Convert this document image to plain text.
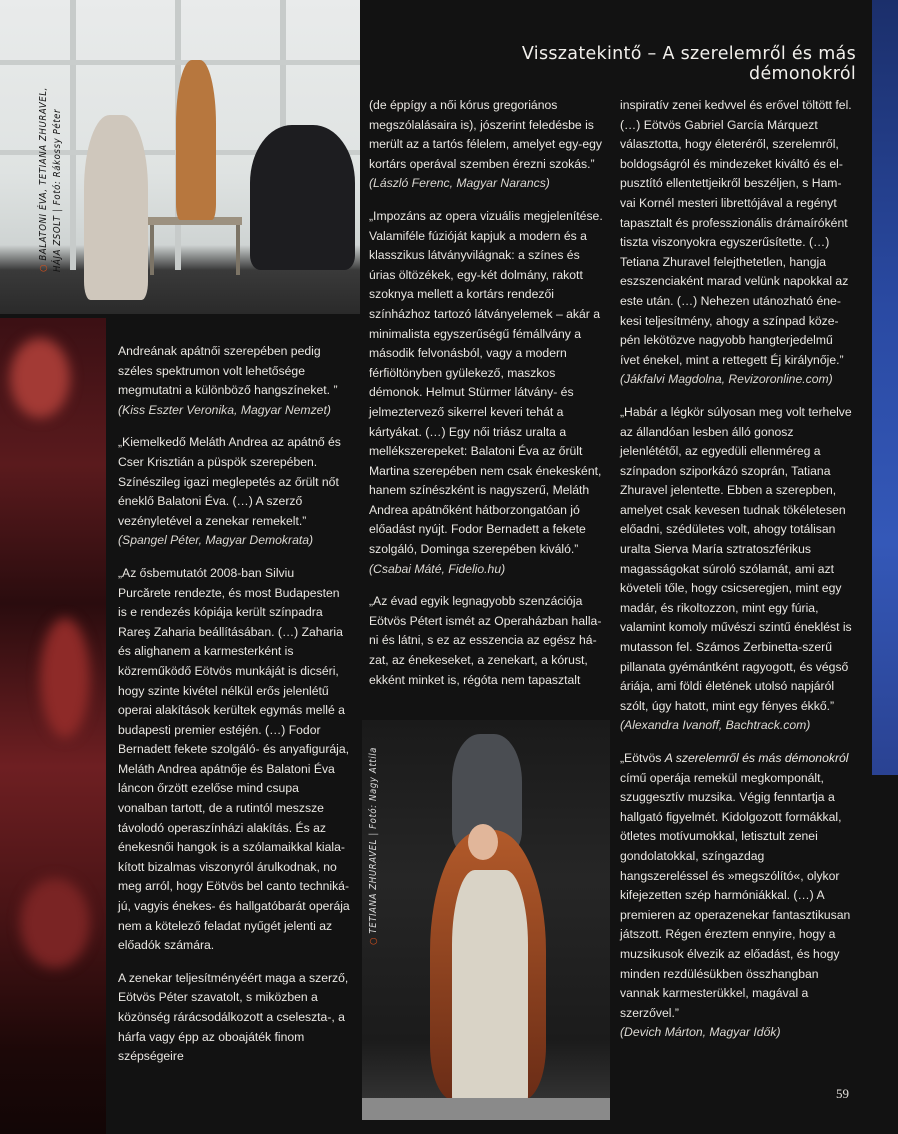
○ BALATONI ÉVA, TETIANA ZHURAVEL, HÁJA ZSOLT | Fotó: Rákossy Péter
○ TETIANA ZHURAVEL | Fotó: Nagy Attila
Visszatekintő – A szerelemről és más démonokról

Andreának apátnői szerepében pedig széles spektrumon volt lehetősége megmutatni a különböző hangszíneket. ”
(Kiss Eszter Veronika, Magyar Nemzet)

„Kiemelkedő Meláth Andrea az apátnő és Cser Krisztián a püspök szerepében. Színészileg igazi meglepetés az őrült nőt éneklő Balatoni Éva. (…) A szerző vezényletével a zenekar remekelt.”
(Spangel Péter, Magyar Demokrata)

„Az ősbemutatót 2008-ban Silviu Purcărete rendezte, és most Budapesten is e rendezés kópiája került színpadra Rareş Zaharia beállításában. (…) Zaharia és alighanem a karmesterként is közreműködő Eötvös munkáját is dicséri, hogy szinte kivétel nélkül erős jelenlétű operai alakítások kerültek egymás mellé a budapesti premier estéjén. (…) Fodor Bernadett fekete szolgáló- és anyafigurája, Meláth Andrea apátnője és Balatoni Éva láncon őrzött ezelőse mind csupa vonalban tartott, de a rutintól meszsze távolodó operaszínházi alakítás. És az énekesnői hangok is a szólamaikkal kialakított bizalmas viszonyról árulkodnak, no meg arról, hogy Eötvös bel canto technikájú, vagyis énekes- és hallgatóbarát operája nem a kötelező feladat nyűgét jelenti az előadók számára.

A zenekar teljesítményéért maga a szerző, Eötvös Péter szavatolt, s miközben a közönség rárácsodálkozott a cseleszta-, a hárfa vagy épp az oboajáték finom szépségeire

(de éppígy a női kórus gregoriános megszólalásaira is), jószerint feledésbe is merült az a tartós félelem, amelyet egy-egy kortárs operával szemben érezni szokás.”
(László Ferenc, Magyar Narancs)

„Impozáns az opera vizuális megjelenítése. Valamiféle fúzióját kapjuk a modern és a klasszikus látványvilágnak: a színes és úrias öltözékek, egy-két dolmány, rakott szoknya mellett a kortárs rendezői színházhoz tartozó látványelemek – akár a minimalista egyszerűségű fémállvány a második felvonásból, vagy a modern férfiöltönyben gyülekező, maszkos démonok. Helmut Stürmer látvány- és jelmeztervező sikerrel keveri tehát a kártyákat. (…) Egy női triász uralta a mellékszerepeket: Balatoni Éva az őrült Martina szerepében nem csak énekesként, hanem színészként is nagyszerű, Meláth Andrea apátnőként hátborzongatóan jó előadást nyújt. Fodor Bernadett a fekete szolgáló, Dominga szerepében kiváló.”
(Csabai Máté, Fidelio.hu)

„Az évad egyik legnagyobb szenzációja Eötvös Pétert ismét az Operaházban hallani és látni, s ez az esszencia az egész házat, az énekeseket, a zenekart, a kórust, ekként minket is, régóta nem tapasztalt

inspiratív zenei kedvvel és erővel töltött fel. (…) Eötvös Gabriel García Márquezt választotta, hogy életeréről, szerelemről, boldogságról és mindezeket kiváltó és elpusztító ellentettjeikről beszéljen, s Hamvai Kornél mesteri librettójával a regényt tapasztalt és professzionális drámaíróként tiszta viszonyokra egyszerűsítette. (…) Tetiana Zhuravel felejthetetlen, hangja eszszenciaként marad velünk napokkal az este után. (…) Nehezen utánozható énekesi teljesítmény, ahogy a színpad közepén lekötözve nagyobb hangterjedelmű ívet énekel, mint a rettegett Éj királynője.”
(Jákfalvi Magdolna, Revizoronline.com)

„Habár a légkör súlyosan meg volt terhelve az állandóan lesben álló gonosz jelenlététől, az egyedüli ellenméreg a színpadon sziporkázó szoprán, Tatiana Zhuravel jelentette. Ebben a szerepben, amelyet csak kevesen tudnak tökéletesen előadni, szédületes volt, ahogy totálisan uralta Sierva María sztratoszférikus magasságokat súroló szólamát, ami azt követeli tőle, hogy csicseregjen, mint egy madár, és rikoltozzon, mint egy fúria, valamint komoly művészi szintű éneklést is mutasson fel. Számos Zerbinetta-szerű pillanata gyémántként ragyogott, és végső áriája, ami földi életének utolsó napjáról szólt, úgy hatott, mint egy fényes ékkő.”
(Alexandra Ivanoff, Bachtrack.com)

„Eötvös A szerelemről és más démonokról című operája remekül megkomponált, szuggesztív muzsika. Végig fenntartja a hallgató figyelmét. Kidolgozott formákkal, ötletes motívumokkal, letisztult zenei gondolatokkal, színgazdag hangszereléssel és »megszólító«, olykor kifejezetten szép harmóniákkal. (…) A premieren az operazenekar fantasztikusan játszott. Régen éreztem ennyire, hogy a muzsikusok élvezik az előadást, és hogy minden rezdülésükben összhangban vannak karmesterükkel, magával a szerzővel.”
(Devich Márton, Magyar Idők)

59
